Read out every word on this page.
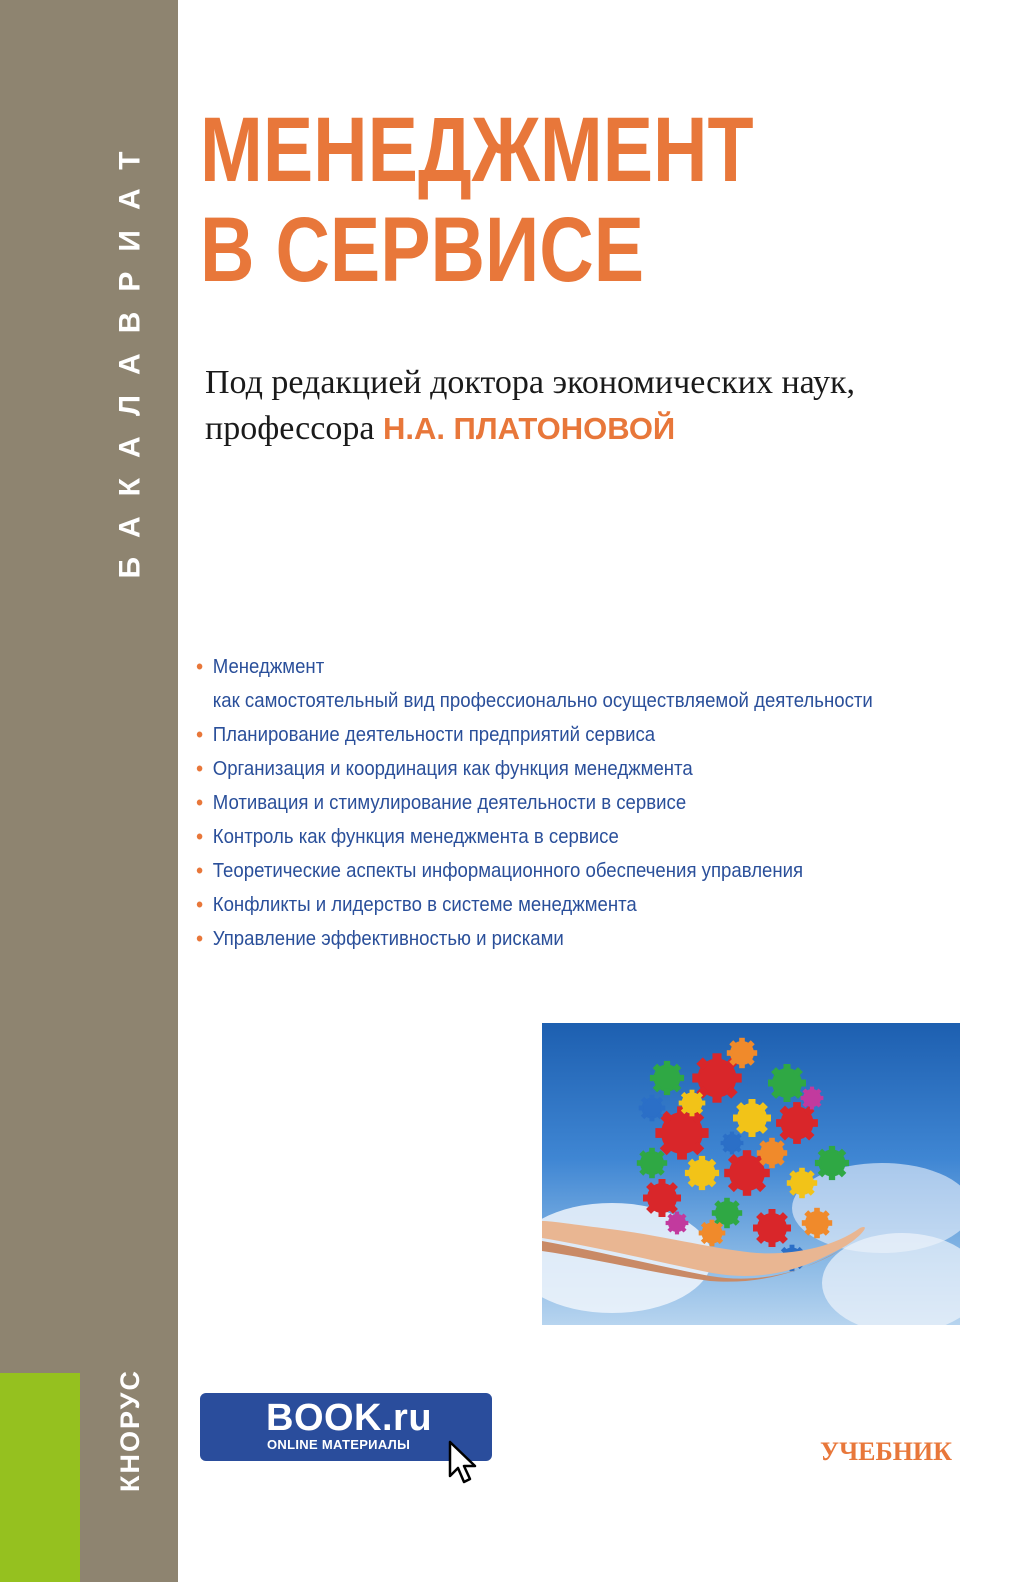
БАКАЛАВРИАТ
КНОРУС
МЕНЕДЖМЕНТ
В СЕРВИСЕ
Под редакцией доктора экономических наук,
профессора Н.А. ПЛАТОНОВОЙ
• Менеджмент
как самостоятельный вид профессионально осуществляемой деятельности
• Планирование деятельности предприятий сервиса
• Организация и координация как функция менеджмента
• Мотивация и стимулирование деятельности в сервисе
• Контроль как функция менеджмента в сервисе
• Теоретические аспекты информационного обеспечения управления
• Конфликты и лидерство в системе менеджмента
• Управление эффективностью и рисками
BOOK.ru
ONLINE МАТЕРИАЛЫ	УЧЕБНИК
